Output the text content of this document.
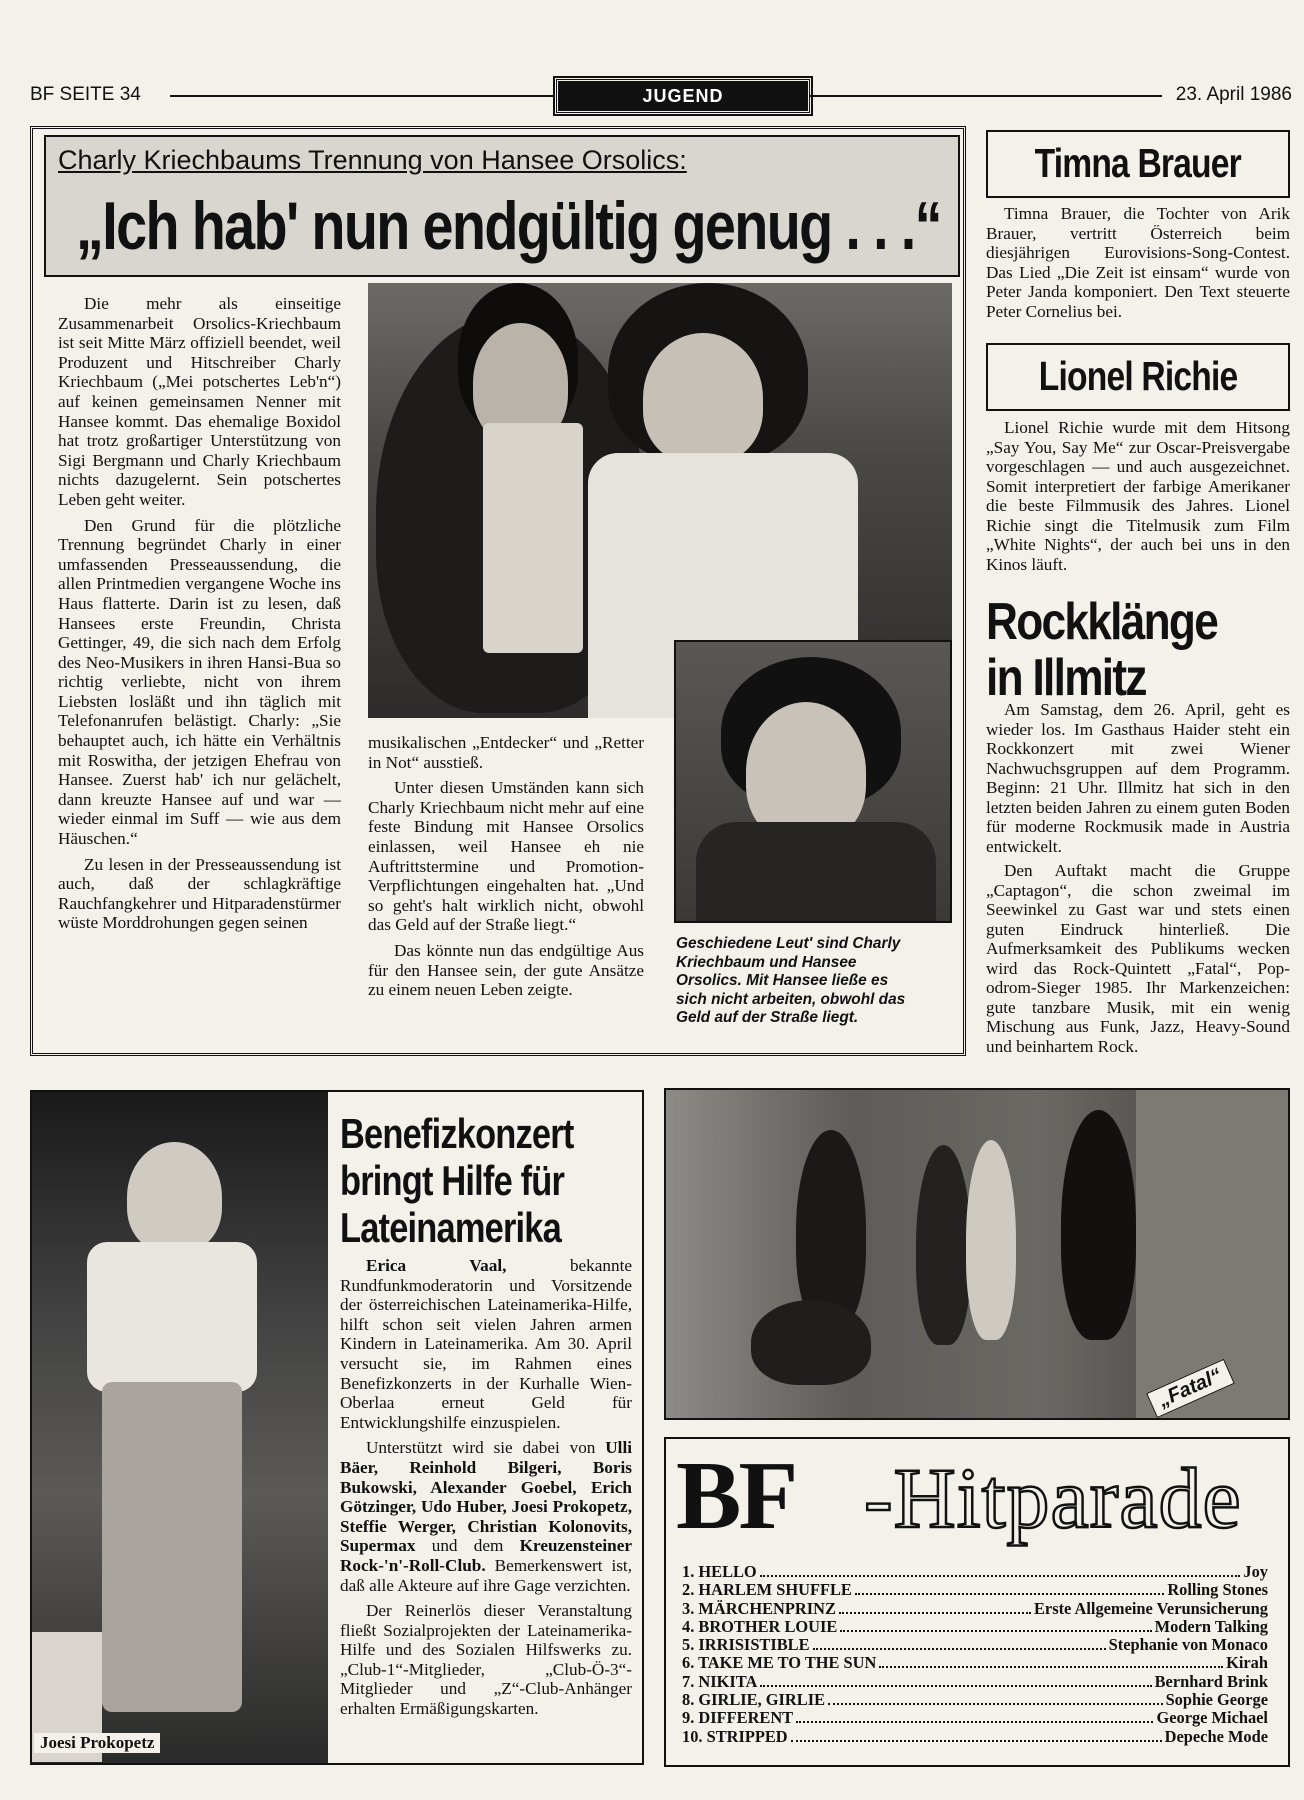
BF SEITE 34	JUGEND	23. April 1986
Charly Kriechbaums Trennung von Hansee Orsolics:
„Ich hab' nun endgültig genug . . .“

Die mehr als einseitige Zusammenarbeit Orsolics-Kriechbaum ist seit Mitte März offiziell beendet, weil Produzent und Hitschreiber Charly Kriechbaum („Mei potschertes Leb'n“) auf keinen gemeinsamen Nenner mit Hansee kommt. Das ehemalige Boxidol hat trotz großartiger Unterstützung von Sigi Bergmann und Charly Kriechbaum nichts dazugelernt. Sein potschertes Leben geht weiter.

Den Grund für die plötzliche Trennung begründet Charly in einer umfassenden Presseaussendung, die allen Printmedien vergangene Woche ins Haus flatterte. Darin ist zu lesen, daß Hansees erste Freundin, Christa Gettinger, 49, die sich nach dem Erfolg des Neo-Musikers in ihren Hansi-Bua so richtig verliebte, nicht von ihrem Liebsten losläßt und ihn täglich mit Telefonanrufen belästigt. Charly: „Sie behauptet auch, ich hätte ein Verhältnis mit Roswitha, der jetzigen Ehefrau von Hansee. Zuerst hab' ich nur gelächelt, dann kreuzte Hansee auf und war — wieder einmal im Suff — wie aus dem Häuschen.“

Zu lesen in der Presseaussendung ist auch, daß der schlagkräftige Rauchfangkehrer und Hitparadenstürmer wüste Morddrohungen gegen seinen

musikalischen „Entdecker“ und „Retter in Not“ ausstieß.

Unter diesen Umständen kann sich Charly Kriechbaum nicht mehr auf eine feste Bindung mit Hansee Orsolics einlassen, weil Hansee eh nie Auftrittstermine und Promotion-Verpflichtungen eingehalten hat. „Und so geht's halt wirklich nicht, obwohl das Geld auf der Straße liegt.“

Das könnte nun das endgültige Aus für den Hansee sein, der gute Ansätze zu einem neuen Leben zeigte.

Geschiedene Leut' sind Charly Kriechbaum und Hansee Orsolics. Mit Hansee ließe es sich nicht arbeiten, obwohl das Geld auf der Straße liegt.
Timna Brauer

Timna Brauer, die Tochter von Arik Brauer, vertritt Österreich beim diesjährigen Eurovisions-Song-Contest. Das Lied „Die Zeit ist einsam“ wurde von Peter Janda komponiert. Den Text steuerte Peter Cornelius bei.

Lionel Richie

Lionel Richie wurde mit dem Hitsong „Say You, Say Me“ zur Oscar-Preisvergabe vorgeschlagen — und auch ausgezeichnet. Somit interpretiert der farbige Amerikaner die beste Filmmusik des Jahres. Lionel Richie singt die Titelmusik zum Film „White Nights“, der auch bei uns in den Kinos läuft.

Rockklänge
in Illmitz

Am Samstag, dem 26. April, geht es wieder los. Im Gasthaus Haider steht ein Rockkonzert mit zwei Wiener Nachwuchsgruppen auf dem Programm. Beginn: 21 Uhr. Illmitz hat sich in den letzten beiden Jahren zu einem guten Boden für moderne Rockmusik made in Austria entwickelt.

Den Auftakt macht die Gruppe „Captagon“, die schon zweimal im Seewinkel zu Gast war und stets einen guten Eindruck hinterließ. Die Aufmerksamkeit des Publikums wecken wird das Rock-Quintett „Fatal“, Pop-odrom-Sieger 1985. Ihr Markenzeichen: gute tanzbare Musik, mit ein wenig Mischung aus Funk, Jazz, Heavy-Sound und beinhartem Rock.

Joesi Prokopetz
Benefizkonzert
bringt Hilfe für
Lateinamerika

Erica Vaal, bekannte Rundfunkmoderatorin und Vorsitzende der österreichischen Lateinamerika-Hilfe, hilft schon seit vielen Jahren armen Kindern in Lateinamerika. Am 30. April versucht sie, im Rahmen eines Benefizkonzerts in der Kurhalle Wien-Oberlaa erneut Geld für Entwicklungshilfe einzuspielen.

Unterstützt wird sie dabei von Ulli Bäer, Reinhold Bilgeri, Boris Bukowski, Alexander Goebel, Erich Götzinger, Udo Huber, Joesi Prokopetz, Steffie Werger, Christian Kolonovits, Supermax und dem Kreuzensteiner Rock-'n'-Roll-Club. Bemerkenswert ist, daß alle Akteure auf ihre Gage verzichten.

Der Reinerlös dieser Veranstaltung fließt Sozialprojekten der Lateinamerika-Hilfe und des Sozialen Hilfswerks zu. „Club-1“-Mitglieder, „Club-Ö-3“-Mitglieder und „Z“-Club-Anhänger erhalten Ermäßigungskarten.

„Fatal“
BF -Hitparade
1. HELLO	Joy
2. HARLEM SHUFFLE	Rolling Stones
3. MÄRCHENPRINZ	Erste Allgemeine Verunsicherung
4. BROTHER LOUIE	Modern Talking
5. IRRISISTIBLE	Stephanie von Monaco
6. TAKE ME TO THE SUN	Kirah
7. NIKITA	Bernhard Brink
8. GIRLIE, GIRLIE	Sophie George
9. DIFFERENT	George Michael
10. STRIPPED	Depeche Mode
